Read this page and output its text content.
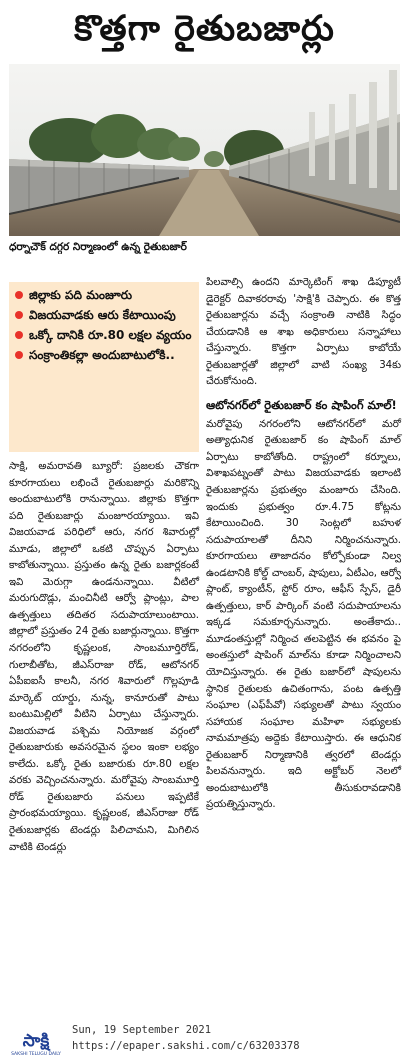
కొత్తగా రైతుబజార్లు
ధర్నాచౌక్ దగ్గర నిర్మాణంలో ఉన్న రైతుబజార్
జిల్లాకు పది మంజూరు
విజయవాడకు ఆరు కేటాయింపు
ఒక్కో దానికి రూ.80 లక్షల వ్యయం
సంక్రాంతికల్లా అందుబాటులోకి..

సాక్షి, అమరావతి బ్యూరో: ప్రజలకు చౌకగా కూరగాయలు లభించే రైతుబజార్లు మరికొన్ని అందుబాటులోకి రానున్నాయి. జిల్లాకు కొత్తగా పది రైతుబజార్లు మంజూరయ్యాయి. ఇవి విజయవాడ పరిధిలో ఆరు, నగర శివారుల్లో మూడు, జిల్లాలో ఒకటి చొప్పున ఏర్పాటు కాబోతున్నాయి. ప్రస్తుతం ఉన్న రైతు బజార్లకంటే ఇవి మెరుగ్గా ఉండనున్నాయి. వీటిలో మరుగుదొడ్లు, మంచినీటి ఆర్వో ప్లాంట్లు, పాల ఉత్పత్తులు తదితర సదుపాయాలుంటాయి. జిల్లాలో ప్రస్తుతం 24 రైతు బజార్లున్నాయి. కొత్తగా నగరంలోని కృష్ణలంక, సాంబమూర్తిరోడ్, గులాబీతోట, జీఎస్‌రాజు రోడ్, ఆటోనగర్ ఏపీఐఐసీ కాలనీ, నగర శివారులో గొల్లపూడి మార్కెట్ యార్డు, నున్న, కానూరుతో పాటు బంటుమిల్లిలో వీటిని ఏర్పాటు చేస్తున్నారు. విజయవాడ పశ్చిమ నియోజక వర్గంలో రైతుబజారుకు అవసరమైన స్థలం ఇంకా లభ్యం కాలేదు. ఒక్కో రైతు బజారుకు రూ.80 లక్షల వరకు వెచ్చించనున్నారు. మరోవైపు సాంబమూర్తి రోడ్ రైతుబజారు పనులు ఇప్పటికే ప్రారంభమయ్యాయి. కృష్ణలంక, జీఎస్‌రాజు రోడ్ రైతుబజార్లకు టెండర్లు పిలిచామని, మిగిలిన వాటికి టెండర్లు

పిలవాల్సి ఉందని మార్కెటింగ్ శాఖ డిప్యూటీ డైరెక్టర్ దివాకరరావు 'సాక్షి'కి చెప్పారు. ఈ కొత్త రైతుబజార్లను వచ్చే సంక్రాంతి నాటికి సిద్ధం చేయడానికి ఆ శాఖ అధికారులు సన్నాహాలు చేస్తున్నారు. కొత్తగా ఏర్పాటు కాబోయే రైతుబజార్లతో జిల్లాలో వాటి సంఖ్య 34కు చేరుకోనుంది.

ఆటోనగర్‌లో రైతుబజార్ కం షాపింగ్ మాల్!

మరోవైపు నగరంలోని ఆటోనగర్‌లో మరో అత్యాధునిక రైతుబజార్ కం షాపింగ్ మాల్ ఏర్పాటు కాబోతోంది. రాష్ట్రంలో కర్నూలు, విశాఖపట్నంతో పాటు విజయవాడకు ఇలాంటి రైతుబజార్లను ప్రభుత్వం మంజూరు చేసింది. ఇందుకు ప్రభుత్వం రూ.4.75 కోట్లను కేటాయించింది. 30 సెంట్లలో బహుళ సదుపాయాలతో దీనిని నిర్మించనున్నారు. కూరగాయలు తాజాదనం కోల్పోకుండా నిల్వ ఉండటానికి కోల్డ్ చాంబర్, షాపులు, ఏటీఎం, ఆర్వో ప్లాంట్, క్యాంటీన్, స్టోర్ రూం, ఆఫీస్ స్పేస్, డైరీ ఉత్పత్తులు, కార్ పార్కింగ్ వంటి సదుపాయాలను ఇక్కడ సమకూర్చనున్నారు. అంతేకాదు.. మూడంతస్తుల్లో నిర్మించ తలపెట్టిన ఈ భవనం పై అంతస్తులో షాపింగ్ మాల్‌ను కూడా నిర్మించాలని యోచిస్తున్నారు. ఈ రైతు బజార్‌లో షాపులను స్థానిక రైతులకు ఉచితంగాను, పంట ఉత్పత్తి సంఘాల (ఎఫ్‌పీవో) సభ్యులతో పాటు స్వయం సహాయక సంఘాల మహిళా సభ్యులకు నామమాత్రపు అద్దెకు కేటాయిస్తారు. ఈ ఆధునిక రైతుబజార్ నిర్మాణానికి త్వరలో టెండర్లు పిలవనున్నారు. ఇది అక్టోబర్ నెలలో అందుబాటులోకి తీసుకురావడానికి ప్రయత్నిస్తున్నారు.

సాక్షి
SAKSHI TELUGU DAILY
Sun, 19 September 2021
https://epaper.sakshi.com/c/63203378
